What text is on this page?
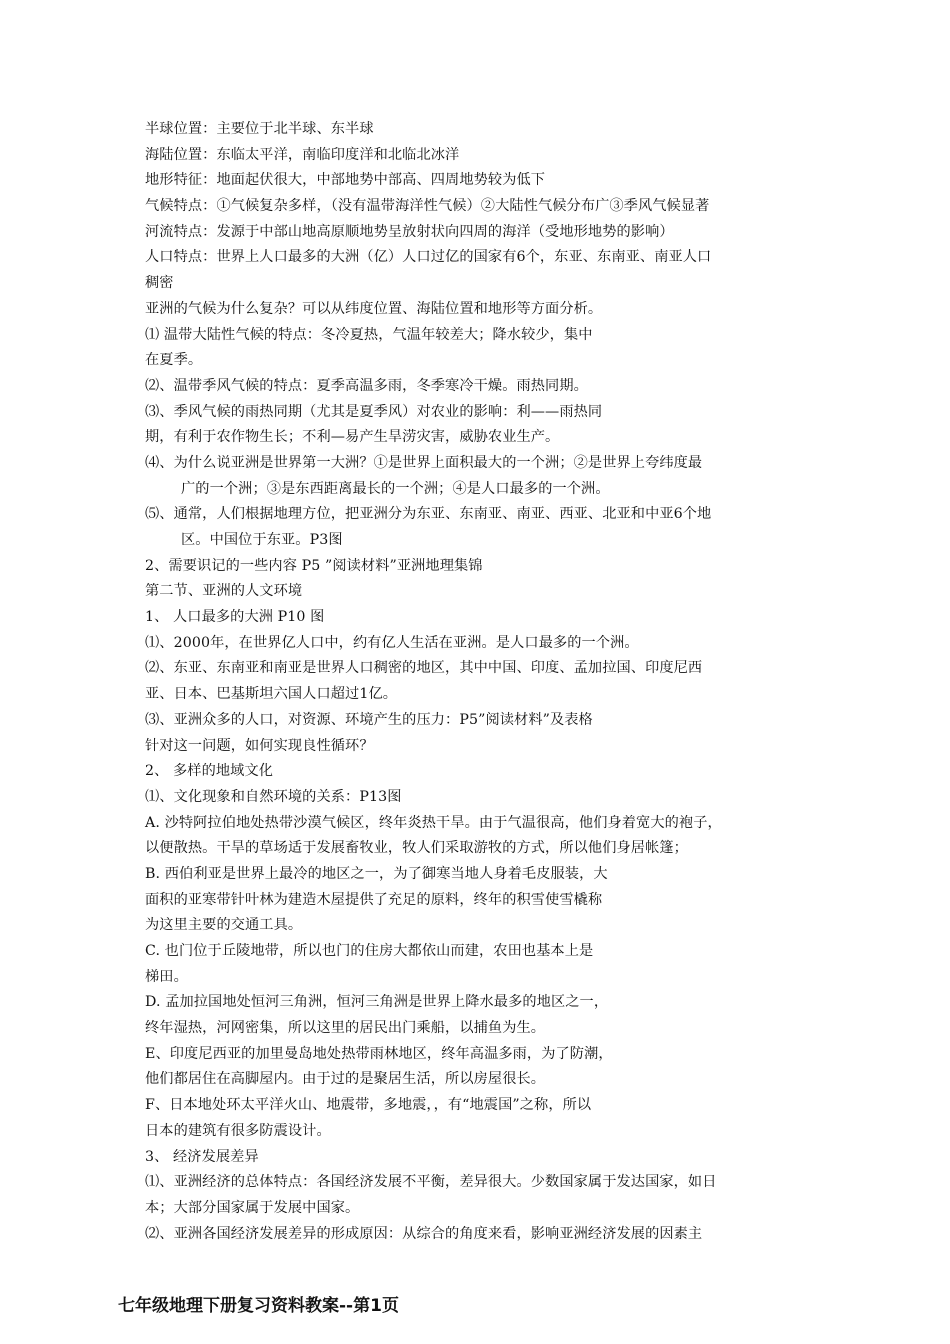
半球位置：主要位于北半球、东半球
海陆位置：东临太平洋，南临印度洋和北临北冰洋
地形特征：地面起伏很大，中部地势中部高、四周地势较为低下
气候特点：①气候复杂多样，（没有温带海洋性气候）②大陆性气候分布广③季风气候显著
河流特点：发源于中部山地高原顺地势呈放射状向四周的海洋（受地形地势的影响）
人口特点：世界上人口最多的大洲（亿）人口过亿的国家有6个，东亚、东南亚、南亚人口
稠密
亚洲的气候为什么复杂？可以从纬度位置、海陆位置和地形等方面分析。
⑴ 温带大陆性气候的特点：冬冷夏热，气温年较差大；降水较少，集中
在夏季。
⑵、温带季风气候的特点：夏季高温多雨，冬季寒冷干燥。雨热同期。
⑶、季风气候的雨热同期（尤其是夏季风）对农业的影响：利——雨热同
期，有利于农作物生长；不利—易产生旱涝灾害，威胁农业生产。
⑷、为什么说亚洲是世界第一大洲？①是世界上面积最大的一个洲；②是世界上夸纬度最
广的一个洲；③是东西距离最长的一个洲；④是人口最多的一个洲。
⑸、通常，人们根据地理方位，把亚洲分为东亚、东南亚、南亚、西亚、北亚和中亚6个地
区。中国位于东亚。P3图
2、需要识记的一些内容 P5 ”阅读材料”亚洲地理集锦
第二节、亚洲的人文环境
1、 人口最多的大洲 P10 图
⑴、2000年，在世界亿人口中，约有亿人生活在亚洲。是人口最多的一个洲。
⑵、东亚、东南亚和南亚是世界人口稠密的地区，其中中国、印度、孟加拉国、印度尼西
亚、日本、巴基斯坦六国人口超过1亿。
⑶、亚洲众多的人口，对资源、环境产生的压力：P5”阅读材料”及表格
针对这一问题，如何实现良性循环？
2、 多样的地域文化
⑴、文化现象和自然环境的关系：P13图
A. 沙特阿拉伯地处热带沙漠气候区，终年炎热干旱。由于气温很高，他们身着宽大的袍子，
以便散热。干旱的草场适于发展畜牧业，牧人们采取游牧的方式，所以他们身居帐篷；
B. 西伯利亚是世界上最冷的地区之一，为了御寒当地人身着毛皮服装，大
面积的亚寒带针叶林为建造木屋提供了充足的原料，终年的积雪使雪橇称
为这里主要的交通工具。
C. 也门位于丘陵地带，所以也门的住房大都依山而建，农田也基本上是
梯田。
D. 孟加拉国地处恒河三角洲，恒河三角洲是世界上降水最多的地区之一，
终年湿热，河网密集，所以这里的居民出门乘船，以捕鱼为生。
E、印度尼西亚的加里曼岛地处热带雨林地区，终年高温多雨，为了防潮，
他们都居住在高脚屋内。由于过的是聚居生活，所以房屋很长。
F、日本地处环太平洋火山、地震带，多地震，，有“地震国”之称，所以
日本的建筑有很多防震设计。
3、 经济发展差异
⑴、亚洲经济的总体特点：各国经济发展不平衡，差异很大。少数国家属于发达国家，如日
本；大部分国家属于发展中国家。
⑵、亚洲各国经济发展差异的形成原因：从综合的角度来看，影响亚洲经济发展的因素主
七年级地理下册复习资料教案--第1页
